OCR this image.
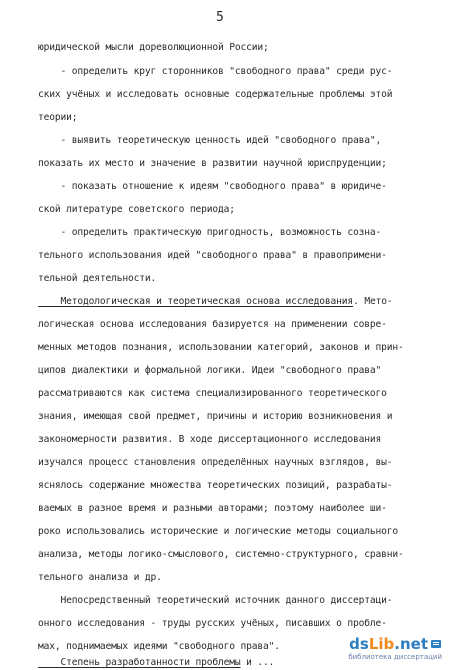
5
юридической мысли дореволюционной России;
- определить круг сторонников "свободного права" среди рус-
ских учёных и исследовать основные содержательные проблемы этой
теории;
- выявить теоретическую ценность идей "свободного права",
показать их место и значение в развитии научной юриспруденции;
- показать отношение к идеям "свободного права" в юридиче-
ской литературе советского периода;
- определить практическую пригодность, возможность сознa-
тельного использования идей "свободного права" в правопримени-
тельной деятельности.
Методологическая и теоретическая основа исследования. Мето-
логическая основа исследования базируется на применении совре-
менных методов познания, использовании категорий, законов и прин-
ципов диалектики и формальной логики. Идеи "свободного права"
рассматриваются как система специализированного теоретического
знания, имеющая свой предмет, причины и историю возникновения и
закономерности развития. В ходе диссертационного исследования
изучался процесс становления определённых научных взглядов, вы-
яснялось содержание множества теоретических позиций, разрабаты-
ваемых в разное время и разными авторами; поэтому наиболее ши-
роко использовались исторические и логические методы социального
анализа, методы логико-смыслового, системно-структурного, сравни-
тельного анализа и др.
Непосредственный теоретический источник данного диссертаци-
онного исследования - труды русских учёных, писавших о пробле-
мах, поднимаемых идеями "свободного права".
Степень разработанности проблемы и ...
ds Lib .net
библиотека диссертаций
